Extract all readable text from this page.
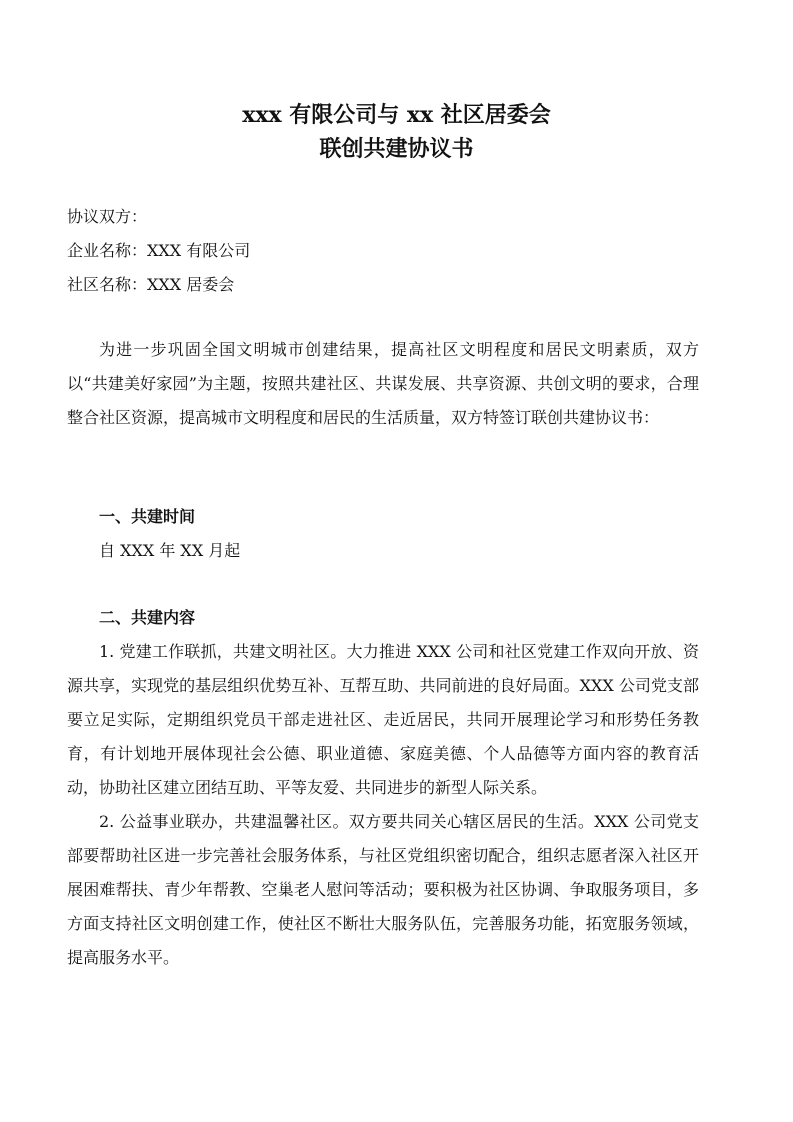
xxx 有限公司与 xx 社区居委会
联创共建协议书
协议双方：
企业名称：XXX 有限公司
社区名称：XXX 居委会

为进一步巩固全国文明城市创建结果，提高社区文明程度和居民文明素质，双方以“共建美好家园”为主题，按照共建社区、共谋发展、共享资源、共创文明的要求，合理整合社区资源，提高城市文明程度和居民的生活质量，双方特签订联创共建协议书：

一、共建时间
自 XXX 年 XX 月起
二、共建内容

1. 党建工作联抓，共建文明社区。大力推进 XXX 公司和社区党建工作双向开放、资源共享，实现党的基层组织优势互补、互帮互助、共同前进的良好局面。XXX 公司党支部要立足实际，定期组织党员干部走进社区、走近居民，共同开展理论学习和形势任务教育，有计划地开展体现社会公德、职业道德、家庭美德、个人品德等方面内容的教育活动，协助社区建立团结互助、平等友爱、共同进步的新型人际关系。

2. 公益事业联办，共建温馨社区。双方要共同关心辖区居民的生活。XXX 公司党支部要帮助社区进一步完善社会服务体系，与社区党组织密切配合，组织志愿者深入社区开展困难帮扶、青少年帮教、空巢老人慰问等活动；要积极为社区协调、争取服务项目，多方面支持社区文明创建工作，使社区不断壮大服务队伍，完善服务功能，拓宽服务领域，提高服务水平。
